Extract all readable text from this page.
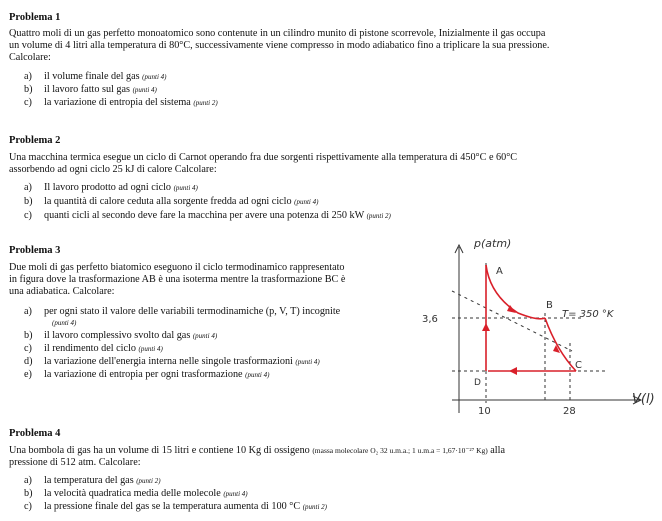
Problema 1
Quattro moli di un gas perfetto monoatomico sono contenute in un cilindro munito di pistone scorrevole, Inizialmente il gas occupa
un volume di 4 litri alla temperatura di 80°C, successivamente viene compresso in modo adiabatico fino a triplicare la sua pressione.
Calcolare:
a) il volume finale del gas (punti 4)
b) il lavoro fatto sul gas (punti 4)
c) la variazione di entropia del sistema (punti 2)
Problema 2
Una macchina termica esegue un ciclo di Carnot operando fra due sorgenti rispettivamente alla temperatura di 450°C e 60°C
assorbendo ad ogni ciclo 25 kJ di calore Calcolare:
a) Il lavoro prodotto ad ogni ciclo (punti 4)
b) la quantità di calore ceduta alla sorgente fredda ad ogni ciclo (punti 4)
c) quanti cicli al secondo deve fare la macchina per avere una potenza di 250 kW (punti 2)
Problema 3
Due moli di gas perfetto biatomico eseguono il ciclo termodinamico rappresentato
in figura dove la trasformazione AB è una isoterma mentre la trasformazione BC è
una adiabatica. Calcolare:
a) per ogni stato il valore delle variabili termodinamiche (p, V, T) incognite
(punti 4)
b) il lavoro complessivo svolto dal gas (punti 4)
c) il rendimento del ciclo (punti 4)
d) la variazione dell'energia interna nelle singole trasformazioni (punti 4)
e) la variazione di entropia per ogni trasformazione (punti 4)
p(atm)
V(l)
3,6
10	28
A
B
C
T= 350 °K
D
Problema 4
Una bombola di gas ha un volume di 15 litri e contiene 10 Kg di ossigeno (massa molecolare O₂ 32 u.m.a.; 1 u.m.a = 1,67·10⁻²⁷ Kg) alla
pressione di 512 atm. Calcolare:
a) la temperatura del gas (punti 2)
b) la velocità quadratica media delle molecole (punti 4)
c) la pressione finale del gas se la temperatura aumenta di 100 °C (punti 2)
